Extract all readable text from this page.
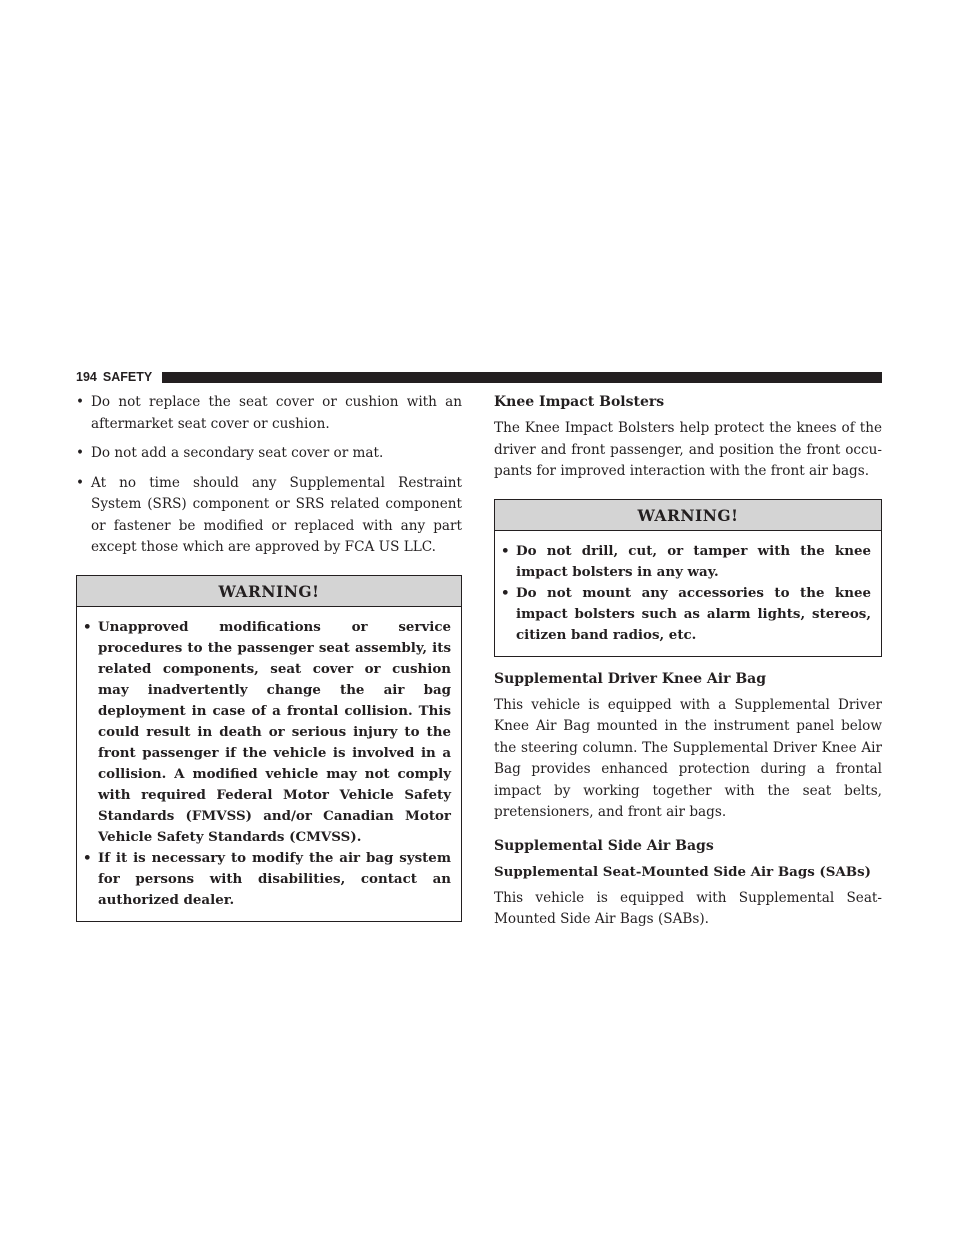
194 SAFETY
• Do not replace the seat cover or cushion with an aftermarket seat cover or cushion.
• Do not add a secondary seat cover or mat.
• At no time should any Supplemental Restraint System (SRS) component or SRS related component or fastener be modified or replaced with any part except those which are approved by FCA US LLC.
WARNING!
• Unapproved modifications or service procedures to the passenger seat assembly, its related components, seat cover or cushion may inadvertently change the air bag deployment in case of a frontal collision. This could result in death or serious injury to the front passenger if the vehicle is involved in a collision. A modified vehicle may not comply with required Federal Motor Vehicle Safety Standards (FMVSS) and/or Canadian Motor Vehicle Safety Standards (CMVSS).
• If it is necessary to modify the air bag system for persons with disabilities, contact an authorized dealer.
Knee Impact Bolsters

The Knee Impact Bolsters help protect the knees of the driver and front passenger, and position the front occu-pants for improved interaction with the front air bags.

WARNING!
• Do not drill, cut, or tamper with the knee impact bolsters in any way.
• Do not mount any accessories to the knee impact bolsters such as alarm lights, stereos, citizen band radios, etc.
Supplemental Driver Knee Air Bag

This vehicle is equipped with a Supplemental Driver Knee Air Bag mounted in the instrument panel below the steering column. The Supplemental Driver Knee Air Bag provides enhanced protection during a frontal impact by working together with the seat belts, pretensioners, and front air bags.

Supplemental Side Air Bags
Supplemental Seat-Mounted Side Air Bags (SABs)

This vehicle is equipped with Supplemental Seat-Mounted Side Air Bags (SABs).
